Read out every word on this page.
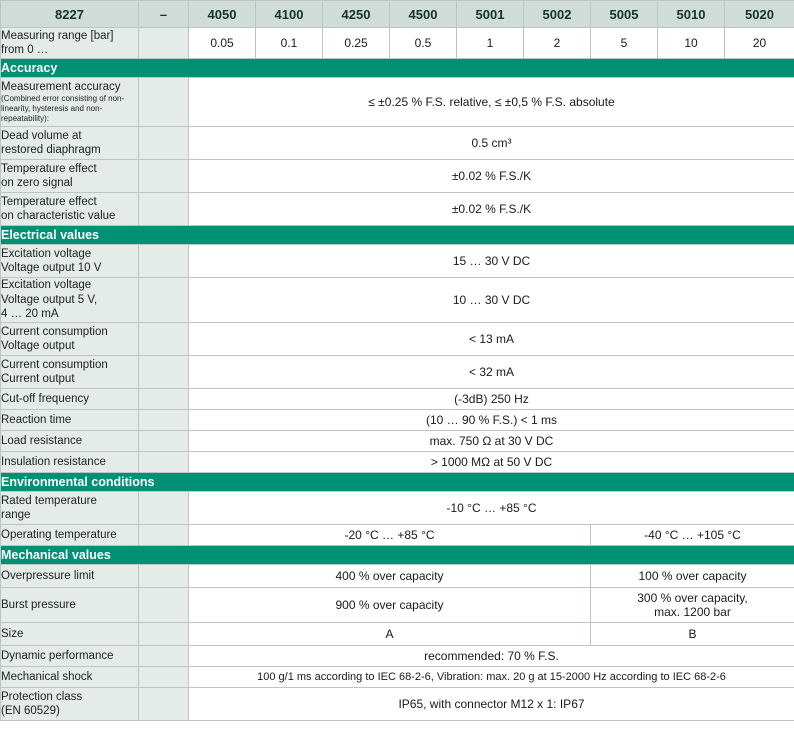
8227	–	4050	4100	4250	4500	5001	5002	5005	5010	5020

Measuring range [bar]
from 0 …		0.05	0.1	0.25	0.5	1	2	5	10	20
Accuracy										

Measurement accuracy
(Combined error consisting of non-linearity, hysteresis and non-repeatability):		≤ ±0.25 % F.S. relative, ≤ ±0,5 % F.S. absolute								

Dead volume at
restored diaphragm		0.5 cm³								

Temperature effect
on zero signal		±0.02 % F.S./K								

Temperature effect
on characteristic value		±0.02 % F.S./K								
Electrical values										

Excitation voltage
Voltage output 10 V		15 … 30 V DC								

Excitation voltage
Voltage output 5 V,
4 … 20 mA		10 … 30 V DC								

Current consumption
Voltage output		< 13 mA								

Current consumption
Current output		< 32 mA								
Cut-off frequency		(-3dB) 250 Hz								
Reaction time		(10 … 90 % F.S.) < 1 ms								
Load resistance		max. 750 Ω at 30 V DC								
Insulation resistance		> 1000 MΩ at 50 V DC								
Environmental conditions										

Rated temperature
range		-10 °C … +85 °C								
Operating temperature		-20 °C … +85 °C						-40 °C … +105 °C		
Mechanical values										
Overpressure limit		400 % over capacity						100 % over capacity		
Burst pressure		900 % over capacity						300 % over capacity,
max. 1200 bar		

Size		A						B		
Dynamic performance		recommended: 70 % F.S.								
Mechanical shock		100 g/1 ms according to IEC 68-2-6, Vibration: max. 20 g at 15-2000 Hz according to IEC 68-2-6								

Protection class
(EN 60529)		IP65, with connector M12 x 1: IP67								
